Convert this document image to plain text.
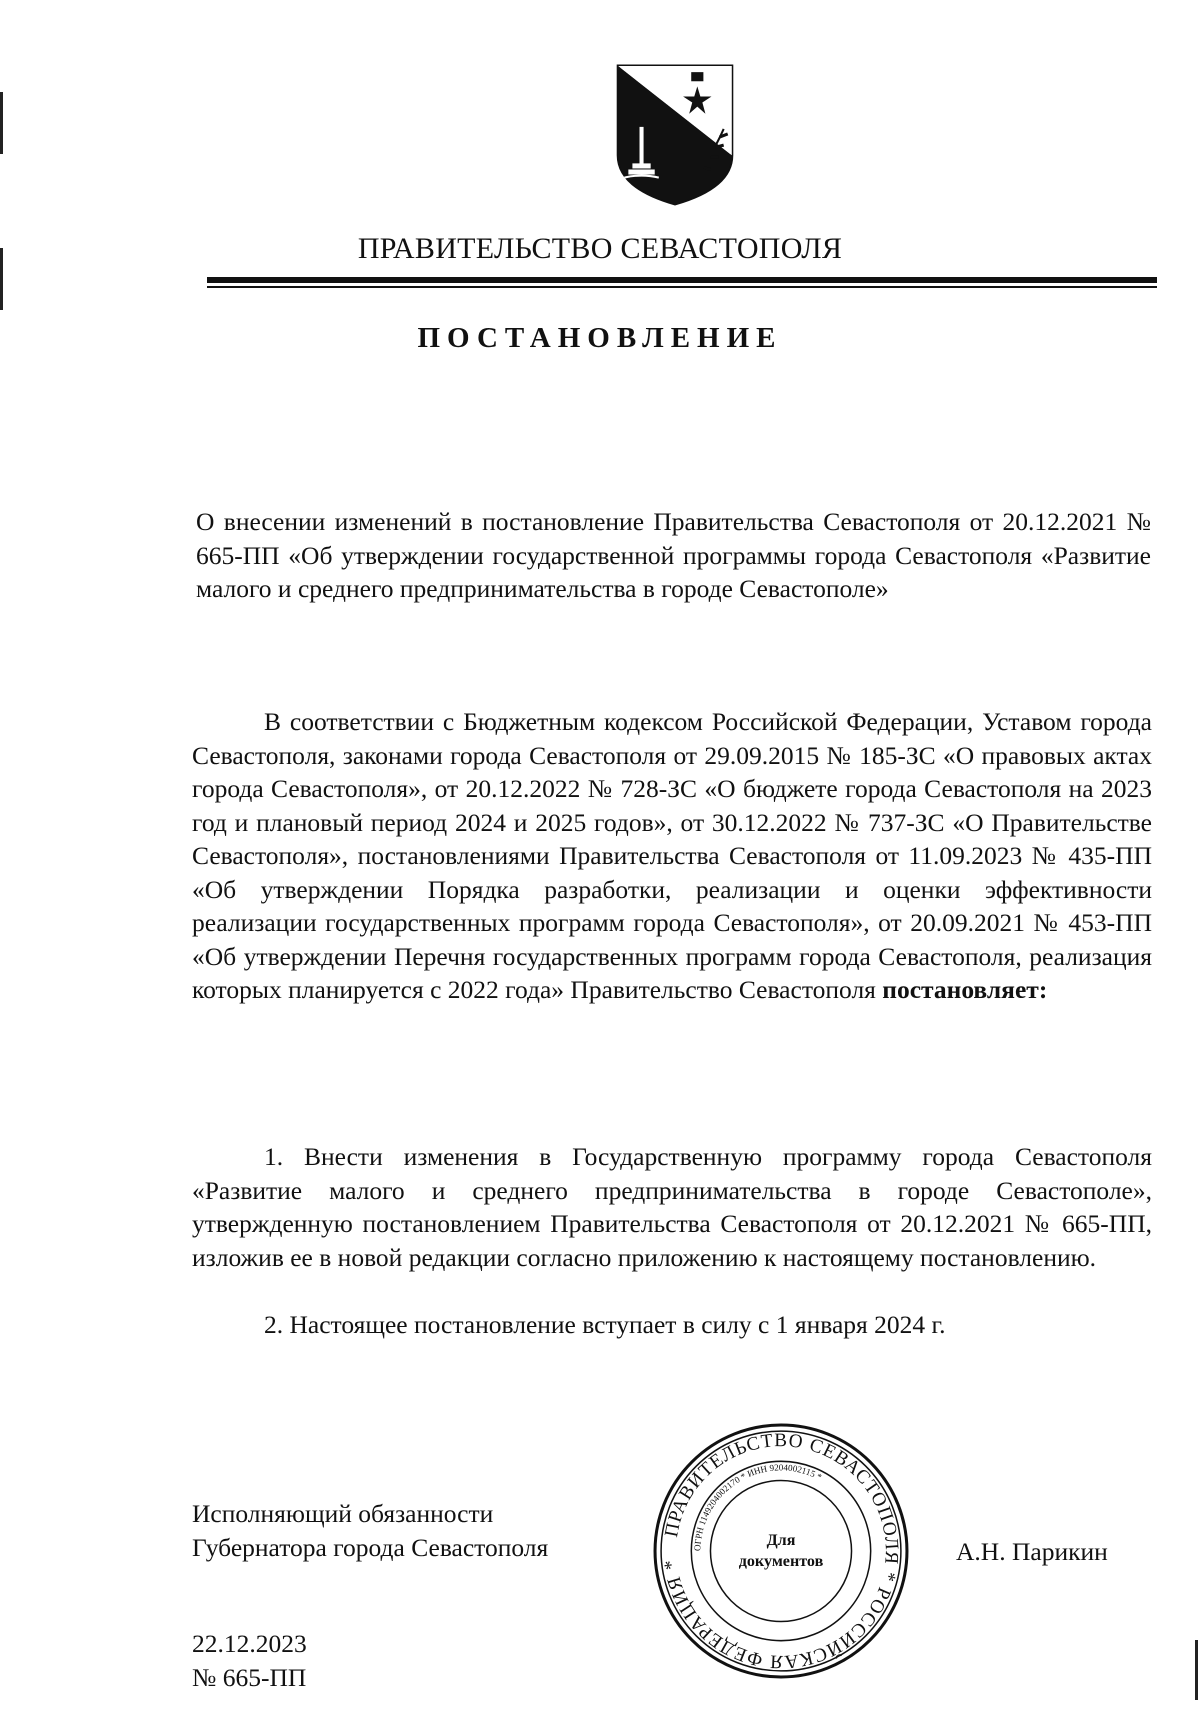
ПРАВИТЕЛЬСТВО СЕВАСТОПОЛЯ
ПОСТАНОВЛЕНИЕ
О внесении изменений в постановление Правительства Севастополя от 20.12.2021 № 665-ПП «Об утверждении государственной программы города Севастополя «Развитие малого и среднего предпринимательства в городе Севастополе»
В соответствии с Бюджетным кодексом Российской Федерации, Уставом города Севастополя, законами города Севастополя от 29.09.2015 № 185-ЗС «О правовых актах города Севастополя», от 20.12.2022 № 728-ЗС «О бюджете города Севастополя на 2023 год и плановый период 2024 и 2025 годов», от 30.12.2022 № 737-ЗС «О Правительстве Севастополя», постановлениями Правительства Севастополя от 11.09.2023 № 435-ПП «Об утверждении Порядка разработки, реализации и оценки эффективности реализации государственных программ города Севастополя», от 20.09.2021 № 453-ПП «Об утверждении Перечня государственных программ города Севастополя, реализация которых планируется с 2022 года» Правительство Севастополя постановляет:
1. Внести изменения в Государственную программу города Севастополя «Развитие малого и среднего предпринимательства в городе Севастополе», утвержденную постановлением Правительства Севастополя от 20.12.2021 № 665-ПП, изложив ее в новой редакции согласно приложению к настоящему постановлению.
2. Настоящее постановление вступает в силу с 1 января 2024 г.
Исполняющий обязанности
Губернатора города Севастополя
ПРАВИТЕЛЬСТВО СЕВАСТОПОЛЯ * РОССИЙСКАЯ ФЕДЕРАЦИЯ *
ОГРН 1149204002170 * ИНН 9204002115 *
Для
документов	А.Н. Парикин
22.12.2023
№ 665-ПП
